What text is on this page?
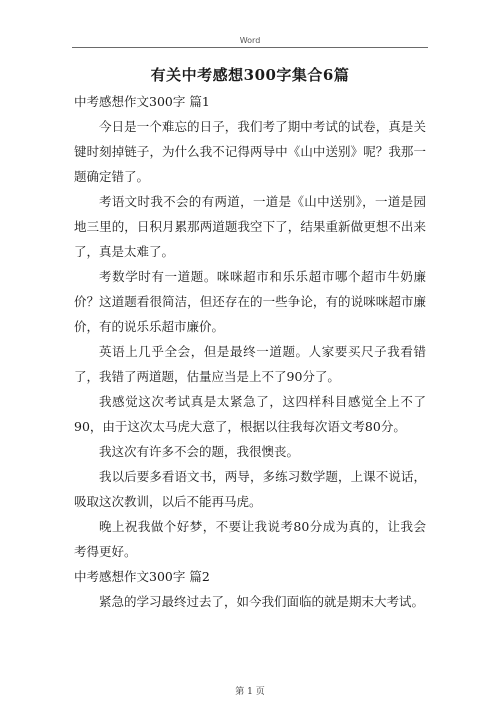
Word
有关中考感想300字集合6篇

中考感想作文300字 篇1

今日是一个难忘的日子，我们考了期中考试的试卷，真是关键时刻掉链子，为什么我不记得两导中《山中送别》呢？我那一题确定错了。

考语文时我不会的有两道，一道是《山中送别》，一道是园地三里的，日积月累那两道题我空下了，结果重新做更想不出来了，真是太难了。

考数学时有一道题。咪咪超市和乐乐超市哪个超市牛奶廉价？这道题看很简洁，但还存在的一些争论，有的说咪咪超市廉价，有的说乐乐超市廉价。

英语上几乎全会，但是最终一道题。人家要买尺子我看错了，我错了两道题，估量应当是上不了90分了。

我感觉这次考试真是太紧急了，这四样科目感觉全上不了90，由于这次太马虎大意了，根据以往我每次语文考80分。

我这次有许多不会的题，我很懊丧。

我以后要多看语文书，两导，多练习数学题，上课不说话，吸取这次教训，以后不能再马虎。

晚上祝我做个好梦，不要让我说考80分成为真的，让我会考得更好。

中考感想作文300字 篇2

紧急的学习最终过去了，如今我们面临的就是期末大考试。

第 1 页
